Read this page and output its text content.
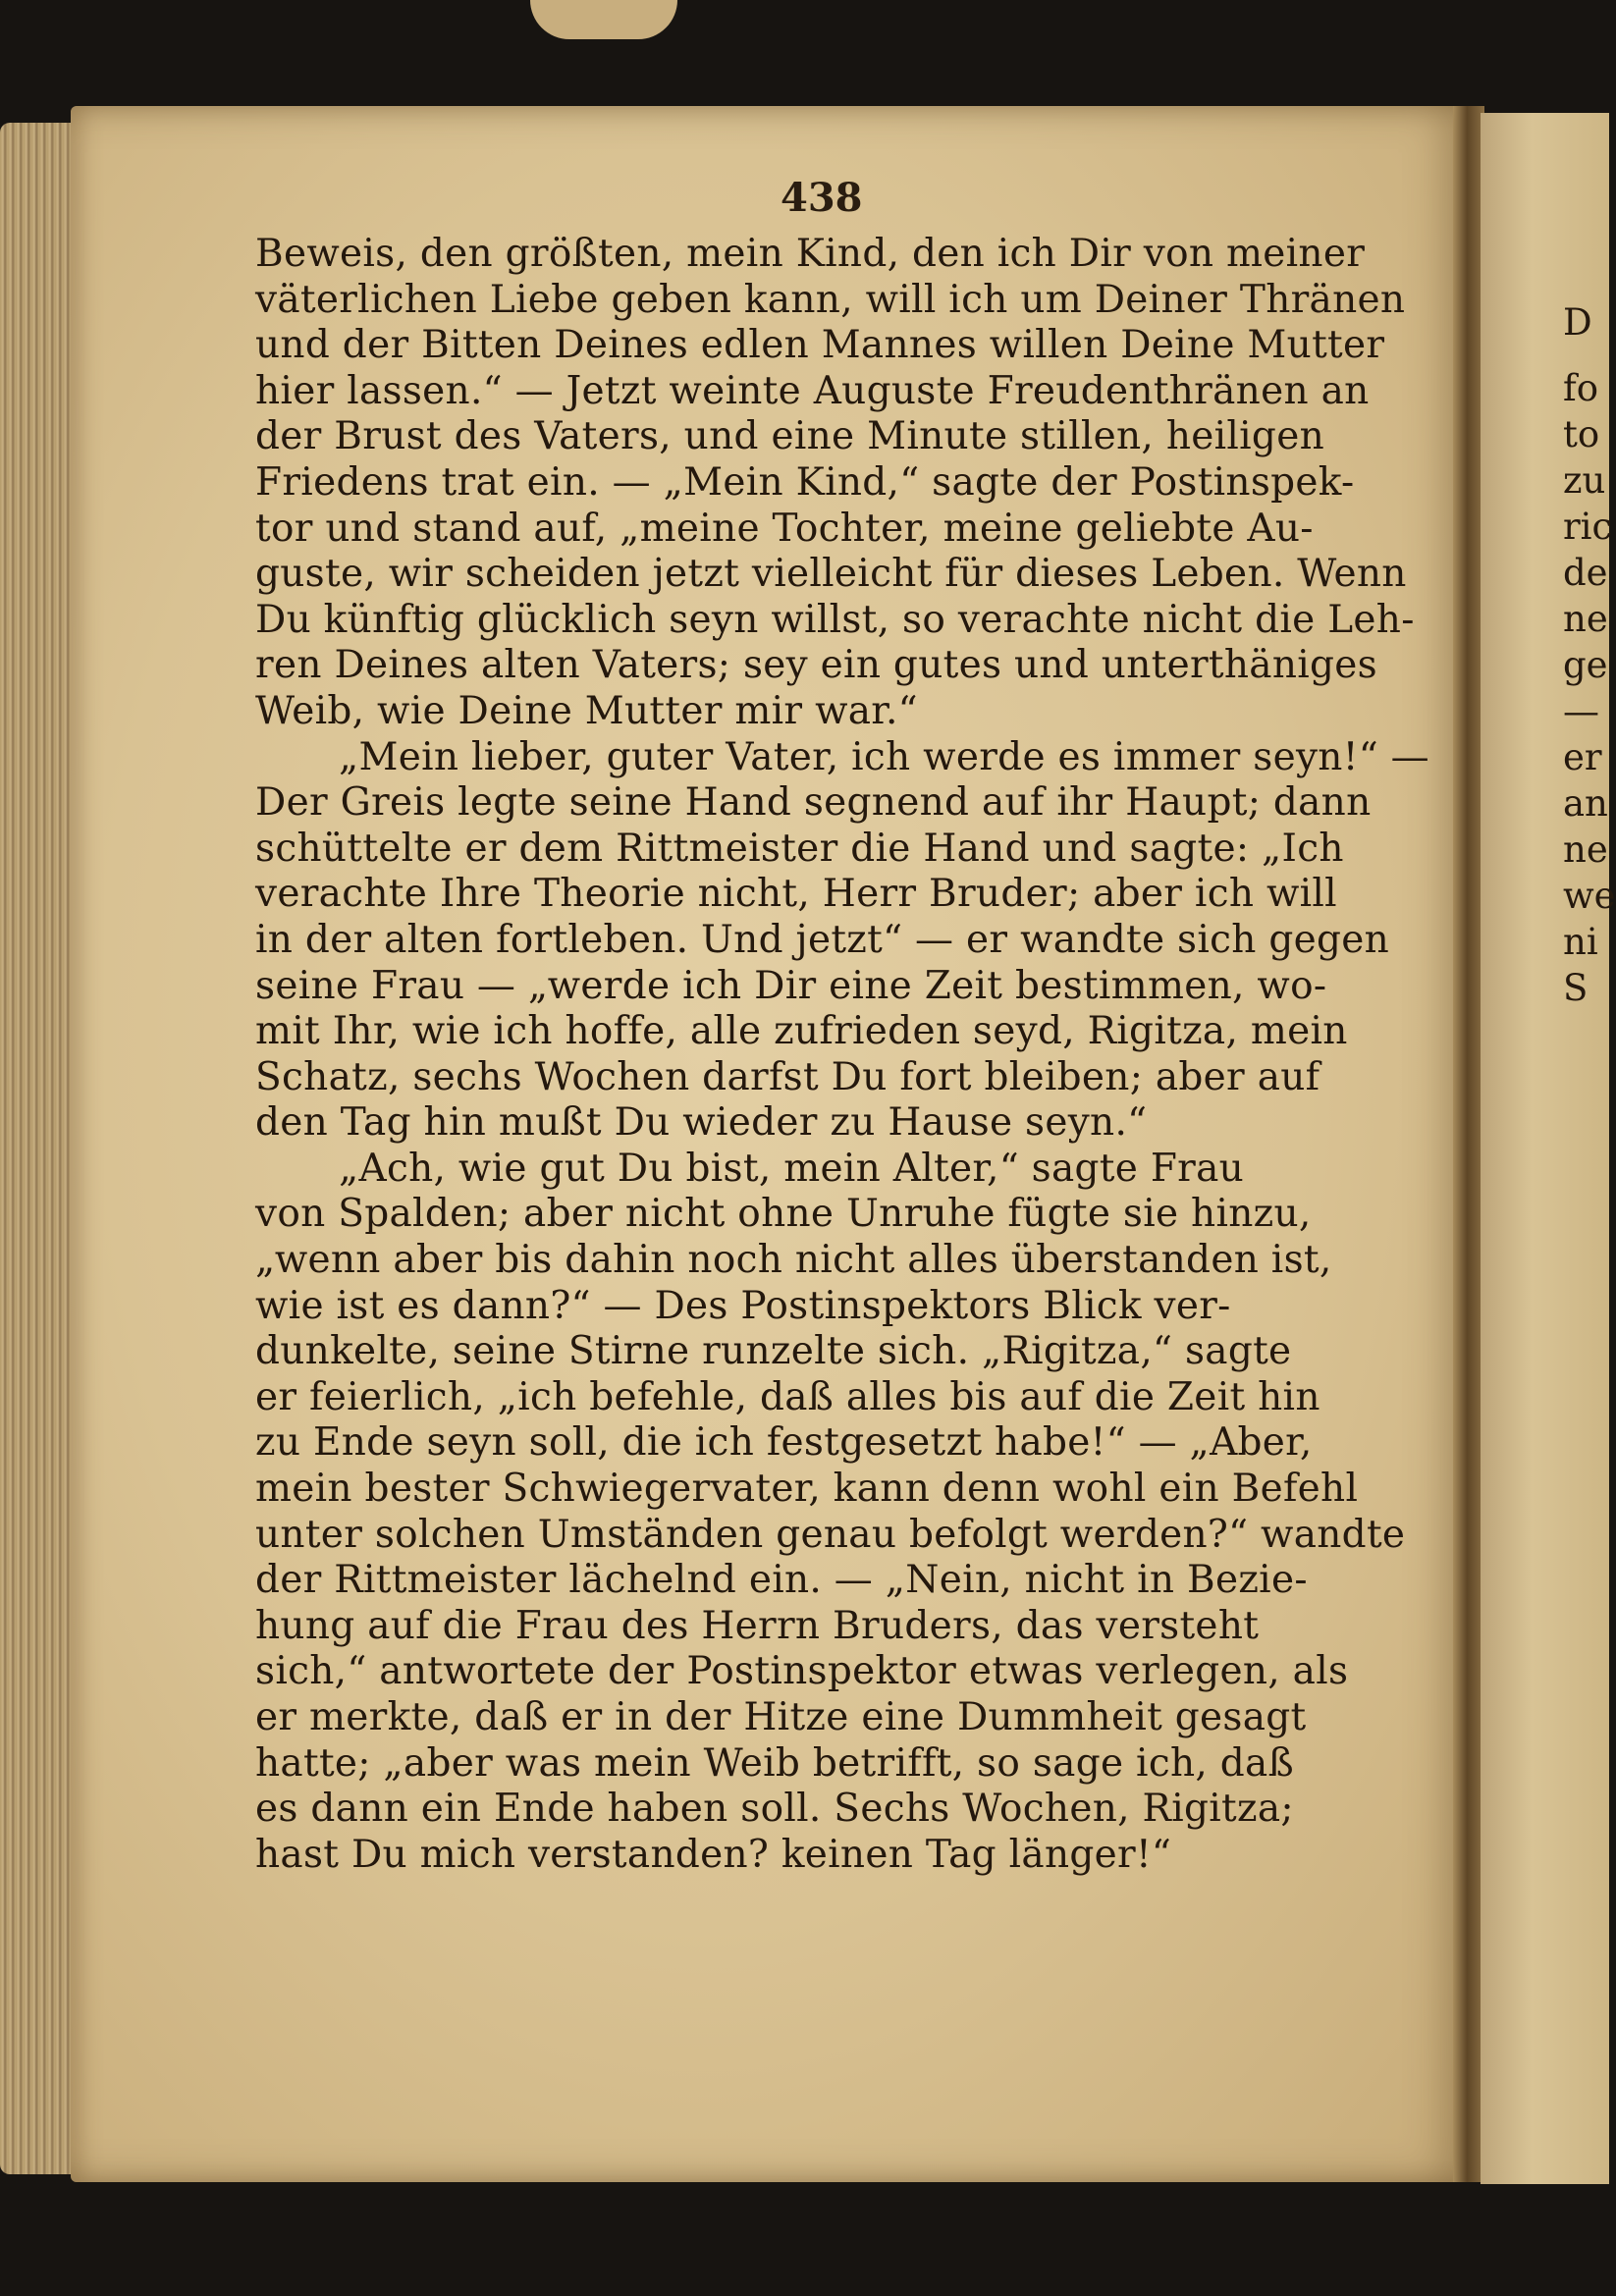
438
Beweis, den größten, mein Kind, den ich Dir von meiner
väterlichen Liebe geben kann, will ich um Deiner Thränen
und der Bitten Deines edlen Mannes willen Deine Mutter
hier lassen.“ — Jetzt weinte Auguste Freudenthränen an
der Brust des Vaters, und eine Minute stillen, heiligen
Friedens trat ein. — „Mein Kind,“ sagte der Postinspek-
tor und stand auf, „meine Tochter, meine geliebte Au-
guste, wir scheiden jetzt vielleicht für dieses Leben. Wenn
Du künftig glücklich seyn willst, so verachte nicht die Leh-
ren Deines alten Vaters; sey ein gutes und unterthäniges
Weib, wie Deine Mutter mir war.“
„Mein lieber, guter Vater, ich werde es immer seyn!“ —
Der Greis legte seine Hand segnend auf ihr Haupt; dann
schüttelte er dem Rittmeister die Hand und sagte: „Ich
verachte Ihre Theorie nicht, Herr Bruder; aber ich will
in der alten fortleben. Und jetzt“ — er wandte sich gegen
seine Frau — „werde ich Dir eine Zeit bestimmen, wo-
mit Ihr, wie ich hoffe, alle zufrieden seyd, Rigitza, mein
Schatz, sechs Wochen darfst Du fort bleiben; aber auf
den Tag hin mußt Du wieder zu Hause seyn.“
„Ach, wie gut Du bist, mein Alter,“ sagte Frau
von Spalden; aber nicht ohne Unruhe fügte sie hinzu,
„wenn aber bis dahin noch nicht alles überstanden ist,
wie ist es dann?“ — Des Postinspektors Blick ver-
dunkelte, seine Stirne runzelte sich. „Rigitza,“ sagte
er feierlich, „ich befehle, daß alles bis auf die Zeit hin
zu Ende seyn soll, die ich festgesetzt habe!“ — „Aber,
mein bester Schwiegervater, kann denn wohl ein Befehl
unter solchen Umständen genau befolgt werden?“ wandte
der Rittmeister lächelnd ein. — „Nein, nicht in Bezie-
hung auf die Frau des Herrn Bruders, das versteht
sich,“ antwortete der Postinspektor etwas verlegen, als
er merkte, daß er in der Hitze eine Dummheit gesagt
hatte; „aber was mein Weib betrifft, so sage ich, daß
es dann ein Ende haben soll. Sechs Wochen, Rigitza;
hast Du mich verstanden? keinen Tag länger!“
D
fo
to
zu
ric
de
ne
ge
—
er
an
ne
we
ni
S
